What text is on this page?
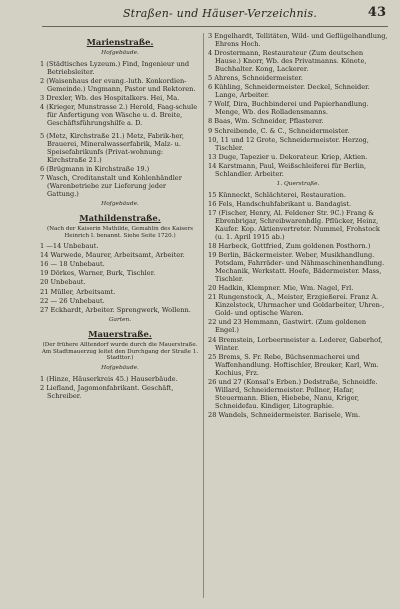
Straßen- und Häuser-Verzeichnis.	43
Marienstraße.
Hofgebäude.
1 (Städtisches Lyzeum.) Find, Ingenieur und Betriebsleiter.
2 (Waisenhaus der evang.-luth. Konkordien-Gemeinde.) Ungmann, Pastor und Rektoren.
3 Drexler, Wb. des Hospitalkers. Hei, Ma.
4 (Krieger, Munstrasse 2.) Herold, Faag-schule für Anfertigung von Wäsche u. d. Breite, Geschäftsführungshilfe a. D.
5 (Metz, Kirchstraße 21.) Metz, Fabrik-her, Brauerei, Mineralwasserfabrik, Malz- u. Speisefabrikunfs (Privat-wohnung: Kirchstraße 21.)
6 (Brügmann in Kirchstraße 19.)
7 Wasch, Creditanstalt und Kohlenhändler (Warenbetriebe zur Lieferung jeder Gattung.)
Hofgebäude.
Mathildenstraße.
(Nach der Kaiserin Mathilde, Gemahlin des Kaisers Heinrich I. benannt. Siehe Seite 1720.)
1 —14 Unbebaut.
14 Warwede, Maurer, Arbeitsamt, Arbeiter.
16 — 18 Unbebaut.
19 Dörkes, Warner, Burk, Tischler.
20 Unbebaut.
21 Müller, Arbeitsamt.
22 — 26 Unbebaut.
27 Eckhardt, Arbeiter. Sprengwerk, Wollenn.
Garten.
Mauerstraße.
(Der frühere Alltendorf wurde durch die Mauerstraße. Am Stadtmauerzug leitet den Durchgang der Straße 1. Stadttor.)
Hofgebäude.
1 (Hinze, Häuserkreis 45.) Hauserbäude.
2 Liefland, Jagomonfabrikant. Geschäft, Schreiber.
3 Engelhardt, Tellitäten, Wild- und Geflügelhandlung, Ehrens Hoch.
4 Drostermann, Restaurateur (Zum deutschen Hause.) Knorr, Wb. des Privatmanns. Könete, Buchhalter. Kong, Lackerer.
5 Ahrens, Schneidermeister.
6 Kühling, Schneidermeister. Deckel, Schneider. Lange, Arbeiter.
7 Wolf, Dira, Buchbinderei und Papierhandlung. Menge, Wb. des Rolladensmanns.
8 Baas, Wm. Schneider, Pflasterer.
9 Schreibende, C. & C., Schneidermeister.
10, 11 und 12 Grote, Schneidermeister. Herzog, Tischler.
13 Duge, Tapezier u. Dekorateur. Kriep, Aktien.
14 Karstmann, Paul, Weißschleiferei für Berlin, Schlandler. Arbeiter.
1. Querstraße.
15 Künneckt, Schlächterei, Restauration.
16 Fels, Handschuhfabrikant u. Bandagist.
17 (Fischer, Henry, Al. Feldener Str. 9C.) Frang & Ebrenbrigar, Schreibwarenhdlg. Pflücker, Heinz, Kaufer. Kop. Aktienvertreter. Nummel, Frohstock (u. 1. April 1915 ab.)
18 Harbeck, Gottfried, Zum goldenen Posthorn.)
19 Berlin, Bäckermeister. Weber, Musikhandlung. Potsdam, Fahrräder- und Nähmaschinenhandlung. Mechanik, Werkstatt. Hoefe, Bädermeister. Mass, Tischler.
20 Hadkin, Klempner. Mie, Wm. Nagel, Frl.
21 Rungenstock, A., Meister, Erzgießerei. Franz A. Kinzelstock, Uhrmacher und Goldarbeiter, Uhren-, Gold- und optische Waren.
22 und 23 Hemmann, Gastwirt. (Zum goldenen Engel.)
24 Bremstein, Lorbeermeister a. Lederer, Gaberhof, Winter.
25 Brems, S. Fr. Rebe, Büchsenmacherei und Waffenhandlung. Hoftischler, Breuker, Karl, Wm. Kochius, Frz.
26 und 27 (Konsal's Erben.) Dedstraße, Schneidfe. Willard, Schneidermeister. Pollner, Hafar, Steuermann. Blien, Hiebebe, Nanu, Kriger, Schneidefau. Kindiger, Litographie.
28 Wandels, Schneidermeister. Barisele, Wm.
